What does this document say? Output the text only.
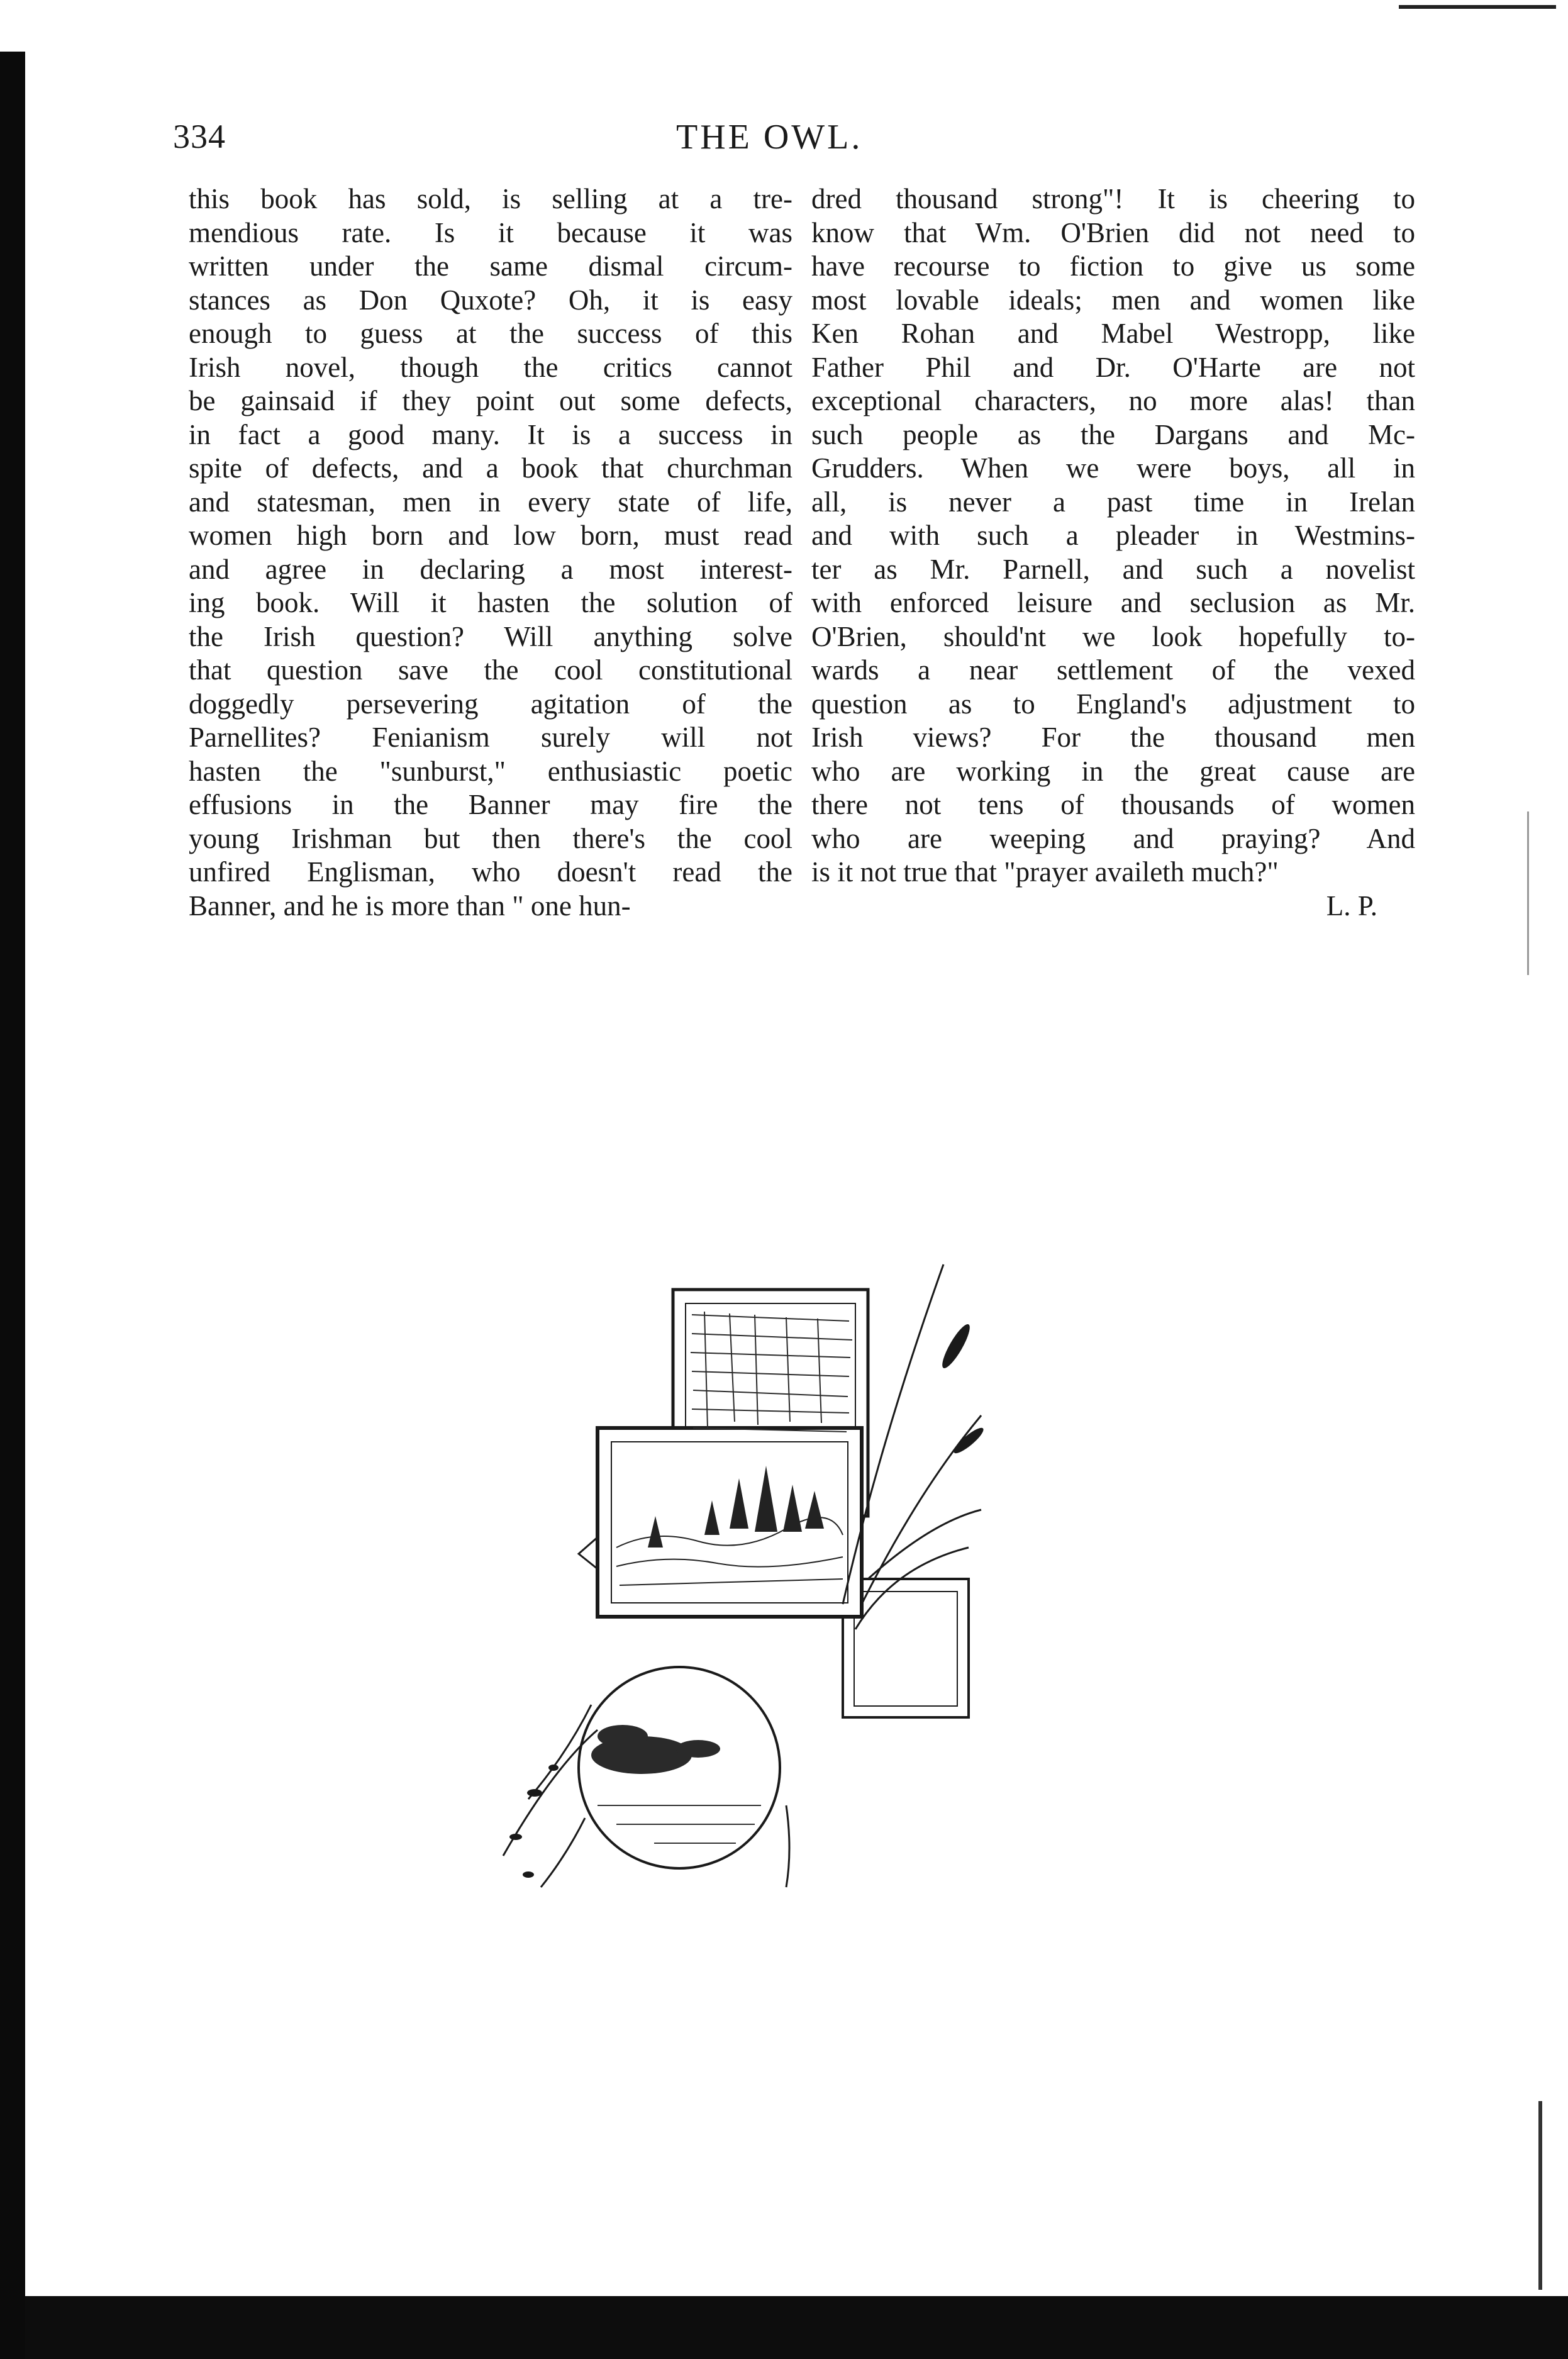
334	THE OWL.
this book has sold, is selling at a tre-
mendious rate. Is it because it was
written under the same dismal circum-
stances as Don Quxote? Oh, it is easy
enough to guess at the success of this
Irish novel, though the critics cannot
be gainsaid if they point out some defects,
in fact a good many. It is a success in
spite of defects, and a book that churchman
and statesman, men in every state of life,
women high born and low born, must read
and agree in declaring a most interest-
ing book. Will it hasten the solution of
the Irish question? Will anything solve
that question save the cool constitutional
doggedly persevering agitation of the
Parnellites? Fenianism surely will not
hasten the "sunburst," enthusiastic poetic
effusions in the Banner may fire the
young Irishman but then there's the cool
unfired Englisman, who doesn't read the
Banner, and he is more than " one hun-
dred thousand strong"! It is cheering to
know that Wm. O'Brien did not need to
have recourse to fiction to give us some
most lovable ideals; men and women like
Ken Rohan and Mabel Westropp, like
Father Phil and Dr. O'Harte are not
exceptional characters, no more alas! than
such people as the Dargans and Mc-
Grudders. When we were boys, all in
all, is never a past time in Irelan
and with such a pleader in Westmins-
ter as Mr. Parnell, and such a novelist
with enforced leisure and seclusion as Mr.
O'Brien, should'nt we look hopefully to-
wards a near settlement of the vexed
question as to England's adjustment to
Irish views? For the thousand men
who are working in the great cause are
there not tens of thousands of women
who are weeping and praying? And
is it not true that "prayer availeth much?"
L. P.
